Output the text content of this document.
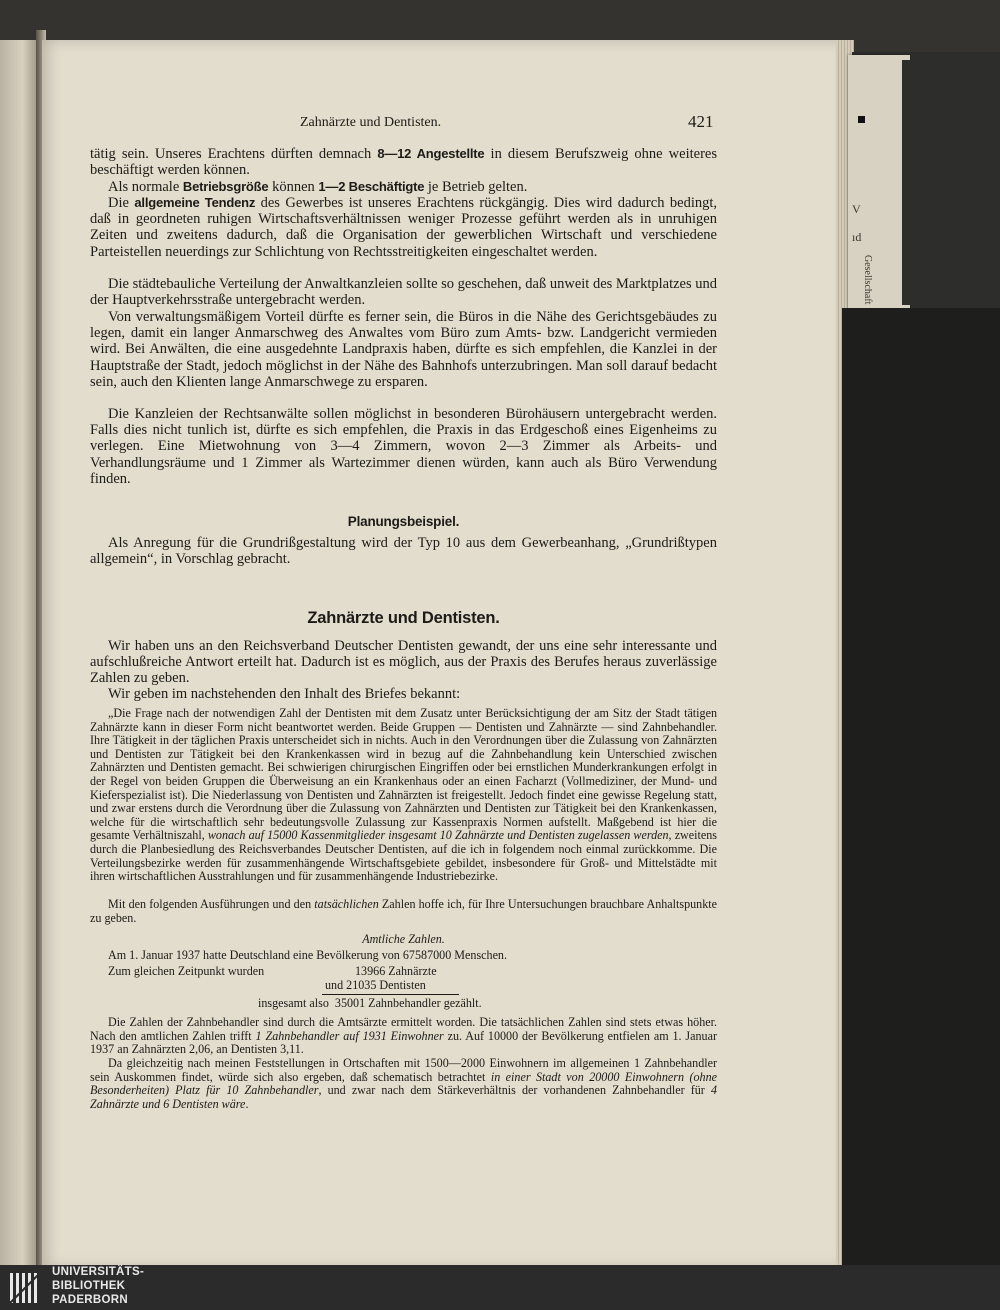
V
ıd
Gesellschaft
Zahnärzte und Dentisten.	421
tätig sein. Unseres Erachtens dürften demnach 8—12 Angestellte in diesem Berufszweig ohne weiteres beschäftigt werden können.
Als normale Betriebsgröße können 1—2 Beschäftigte je Betrieb gelten.
Die allgemeine Tendenz des Gewerbes ist unseres Erachtens rückgängig. Dies wird dadurch bedingt, daß in geordneten ruhigen Wirtschaftsverhältnissen weniger Prozesse geführt werden als in unruhigen Zeiten und zweitens dadurch, daß die Organisation der gewerblichen Wirtschaft und verschiedene Parteistellen neuerdings zur Schlichtung von Rechtsstreitigkeiten eingeschaltet werden.
Die städtebauliche Verteilung der Anwaltkanzleien sollte so geschehen, daß unweit des Marktplatzes und der Hauptverkehrsstraße untergebracht werden.
Von verwaltungsmäßigem Vorteil dürfte es ferner sein, die Büros in die Nähe des Gerichtsgebäudes zu legen, damit ein langer Anmarschweg des Anwaltes vom Büro zum Amts- bzw. Landgericht vermieden wird. Bei Anwälten, die eine ausgedehnte Landpraxis haben, dürfte es sich empfehlen, die Kanzlei in der Hauptstraße der Stadt, jedoch möglichst in der Nähe des Bahnhofs unterzubringen. Man soll darauf bedacht sein, auch den Klienten lange Anmarschwege zu ersparen.
Die Kanzleien der Rechtsanwälte sollen möglichst in besonderen Bürohäusern untergebracht werden. Falls dies nicht tunlich ist, dürfte es sich empfehlen, die Praxis in das Erdgeschoß eines Eigenheims zu verlegen. Eine Mietwohnung von 3—4 Zimmern, wovon 2—3 Zimmer als Arbeits- und Verhandlungsräume und 1 Zimmer als Wartezimmer dienen würden, kann auch als Büro Verwendung finden.
Planungsbeispiel.
Als Anregung für die Grundrißgestaltung wird der Typ 10 aus dem Gewerbeanhang, „Grundrißtypen allgemein“, in Vorschlag gebracht.
Zahnärzte und Dentisten.
Wir haben uns an den Reichsverband Deutscher Dentisten gewandt, der uns eine sehr interessante und aufschlußreiche Antwort erteilt hat. Dadurch ist es möglich, aus der Praxis des Berufes heraus zuverlässige Zahlen zu geben.
Wir geben im nachstehenden den Inhalt des Briefes bekannt:
„Die Frage nach der notwendigen Zahl der Dentisten mit dem Zusatz unter Berücksichtigung der am Sitz der Stadt tätigen Zahnärzte kann in dieser Form nicht beantwortet werden. Beide Gruppen — Dentisten und Zahnärzte — sind Zahnbehandler. Ihre Tätigkeit in der täglichen Praxis unterscheidet sich in nichts. Auch in den Verordnungen über die Zulassung von Zahnärzten und Dentisten zur Tätigkeit bei den Krankenkassen wird in bezug auf die Zahnbehandlung kein Unterschied zwischen Zahnärzten und Dentisten gemacht. Bei schwierigen chirurgischen Eingriffen oder bei ernstlichen Munderkrankungen erfolgt in der Regel von beiden Gruppen die Überweisung an ein Krankenhaus oder an einen Facharzt (Vollmediziner, der Mund- und Kieferspezialist ist). Die Niederlassung von Dentisten und Zahnärzten ist freigestellt. Jedoch findet eine gewisse Regelung statt, und zwar erstens durch die Verordnung über die Zulassung von Zahnärzten und Dentisten zur Tätigkeit bei den Krankenkassen, welche für die wirtschaftlich sehr bedeutungsvolle Zulassung zur Kassenpraxis Normen aufstellt. Maßgebend ist hier die gesamte Verhältniszahl, wonach auf 15000 Kassenmitglieder insgesamt 10 Zahnärzte und Dentisten zugelassen werden, zweitens durch die Planbesiedlung des Reichsverbandes Deutscher Dentisten, auf die ich in folgendem noch einmal zurückkomme. Die Verteilungsbezirke werden für zusammenhängende Wirtschaftsgebiete gebildet, insbesondere für Groß- und Mittelstädte mit ihren wirtschaftlichen Ausstrahlungen und für zusammenhängende Industriebezirke.
Mit den folgenden Ausführungen und den tatsächlichen Zahlen hoffe ich, für Ihre Untersuchungen brauchbare Anhaltspunkte zu geben.
Amtliche Zahlen.
Am 1. Januar 1937 hatte Deutschland eine Bevölkerung von 67587000 Menschen.
Zum gleichen Zeitpunkt wurden	13966 Zahnärzte
und 21035 Dentisten
insgesamt also  35001 Zahnbehandler gezählt.
Die Zahlen der Zahnbehandler sind durch die Amtsärzte ermittelt worden. Die tatsächlichen Zahlen sind stets etwas höher. Nach den amtlichen Zahlen trifft 1 Zahnbehandler auf 1931 Einwohner zu. Auf 10000 der Bevölkerung entfielen am 1. Januar 1937 an Zahnärzten 2,06, an Dentisten 3,11.
Da gleichzeitig nach meinen Feststellungen in Ortschaften mit 1500—2000 Einwohnern im allgemeinen 1 Zahnbehandler sein Auskommen findet, würde sich also ergeben, daß schematisch betrachtet in einer Stadt von 20000 Einwohnern (ohne Besonderheiten) Platz für 10 Zahnbehandler, und zwar nach dem Stärkeverhältnis der vorhandenen Zahnbehandler für 4 Zahnärzte und 6 Dentisten wäre.
UNIVERSITÄTS-
BIBLIOTHEK
PADERBORN
